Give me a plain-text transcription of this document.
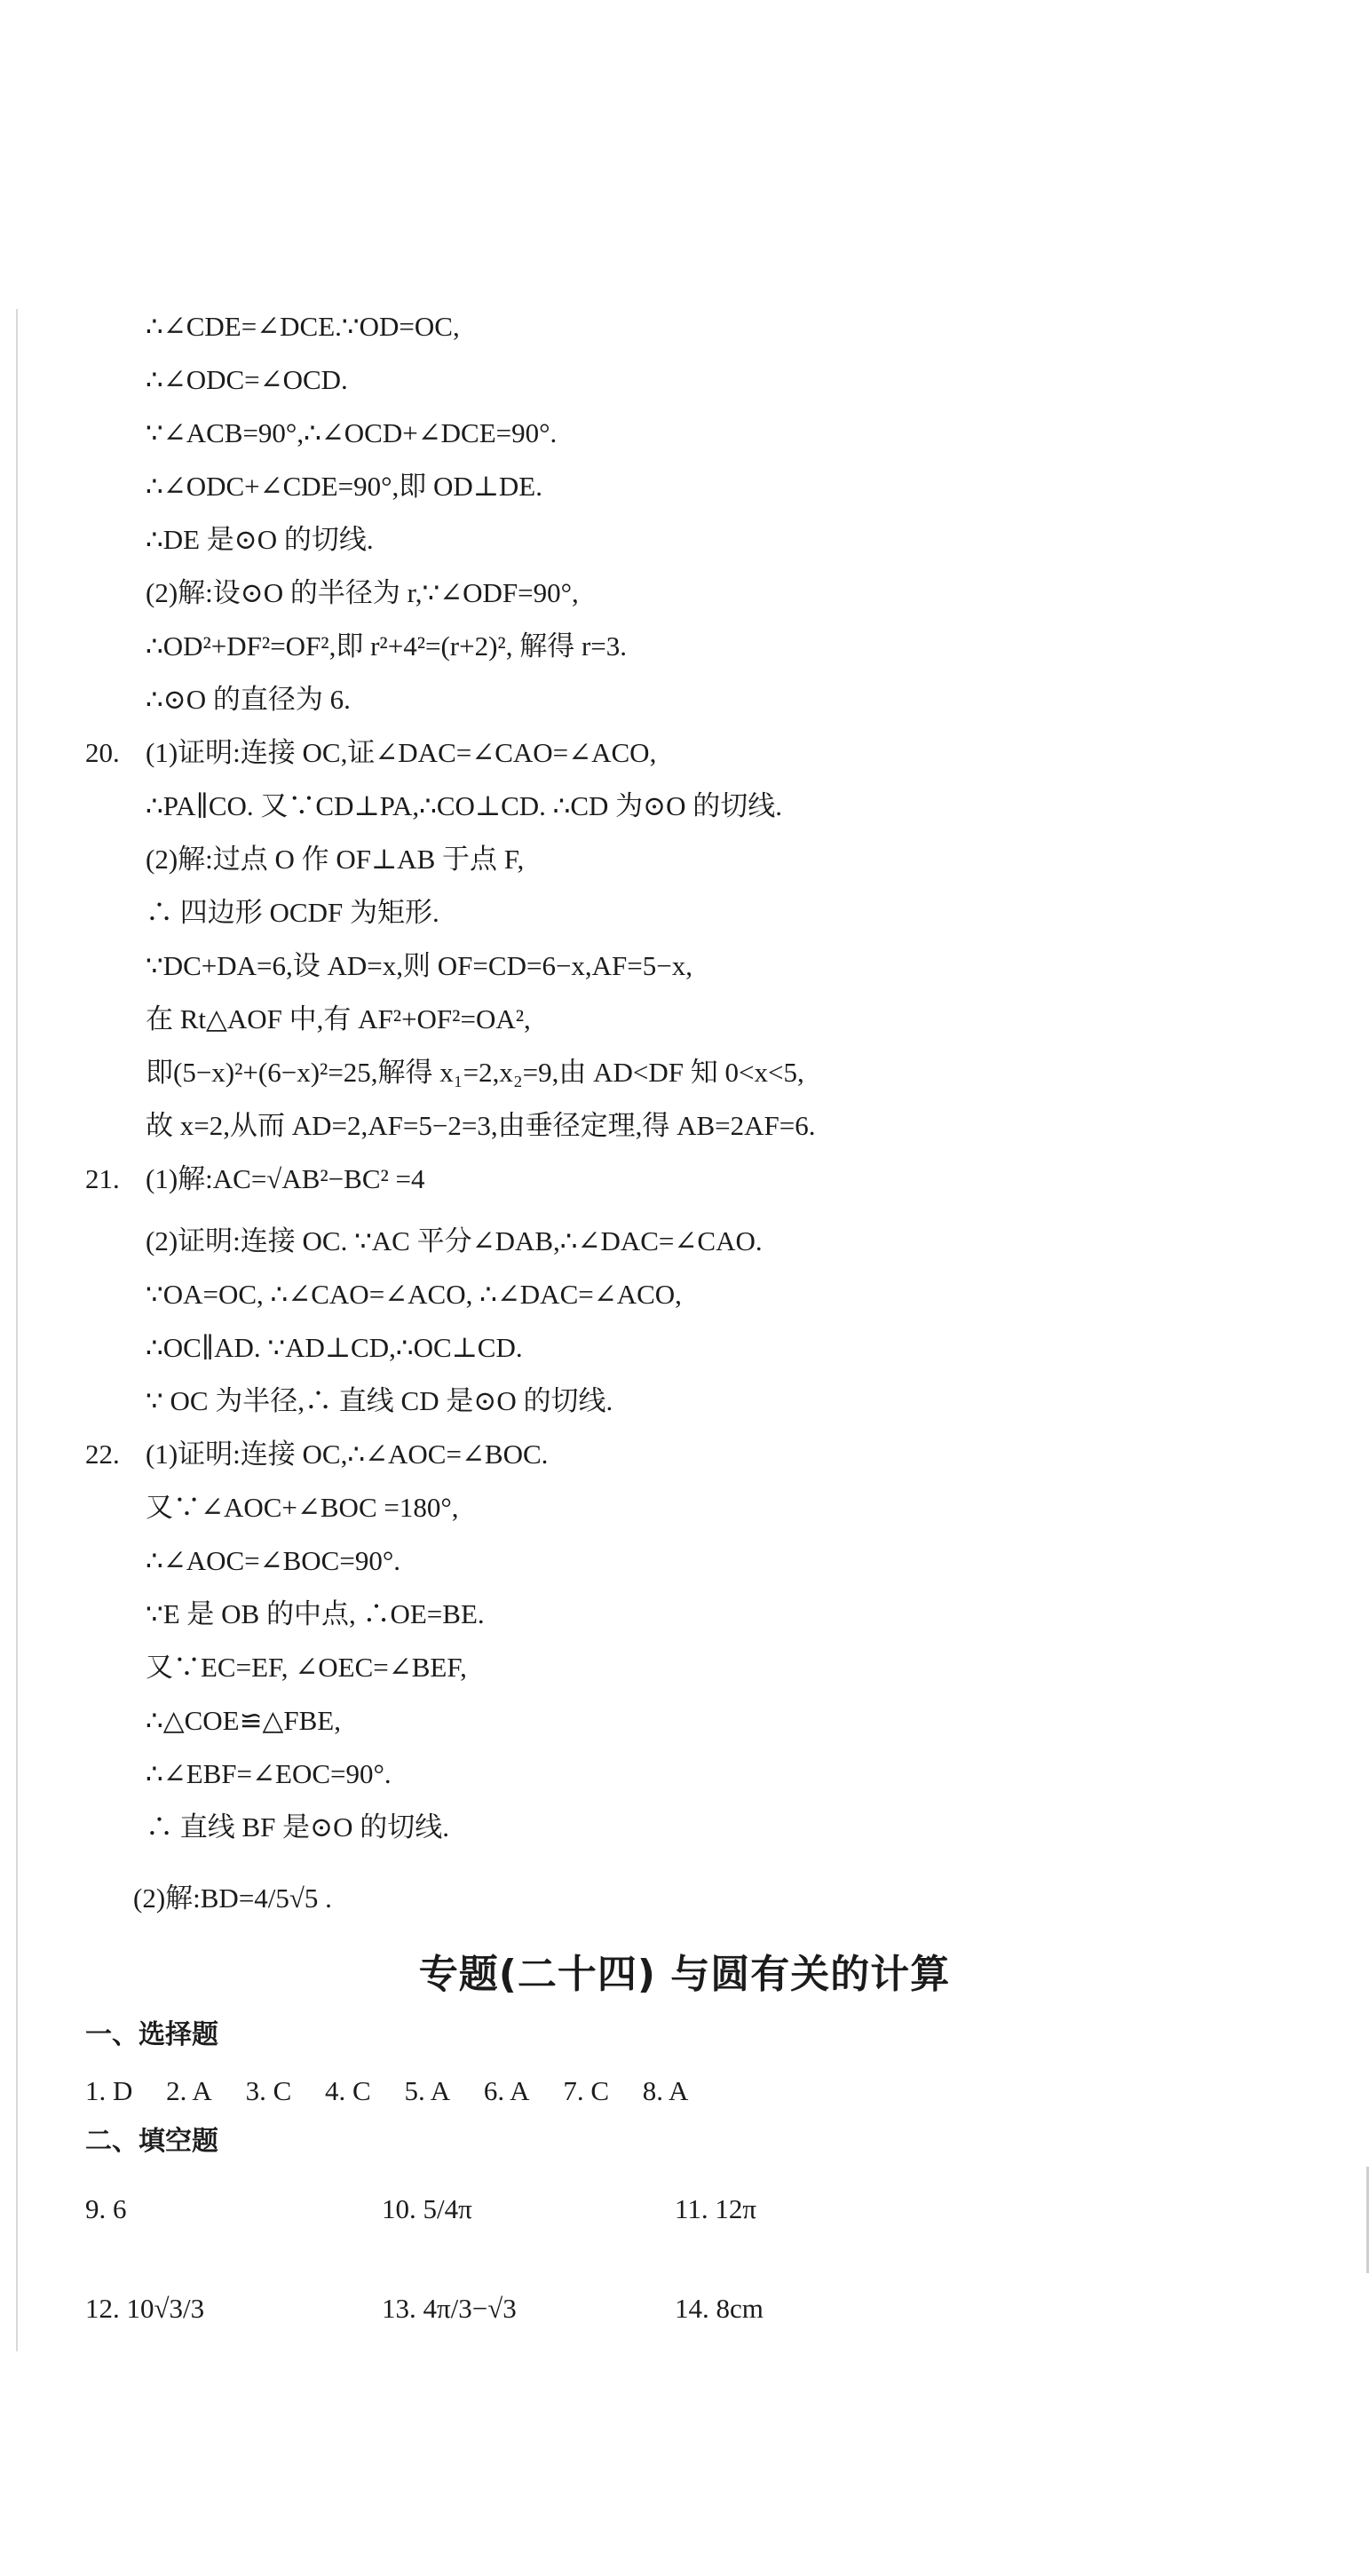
∴∠CDE=∠DCE.∵OD=OC,
∴∠ODC=∠OCD.
∵∠ACB=90°,∴∠OCD+∠DCE=90°.
∴∠ODC+∠CDE=90°,即 OD⊥DE.
∴DE 是⊙O 的切线.
(2)解:设⊙O 的半径为 r,∵∠ODF=90°,
∴OD²+DF²=OF²,即 r²+4²=(r+2)², 解得 r=3.
∴⊙O 的直径为 6.
20. (1)证明:连接 OC,证∠DAC=∠CAO=∠ACO,
∴PA∥CO. 又∵CD⊥PA,∴CO⊥CD. ∴CD 为⊙O 的切线.
(2)解:过点 O 作 OF⊥AB 于点 F,
∴ 四边形 OCDF 为矩形.
∵DC+DA=6,设 AD=x,则 OF=CD=6−x,AF=5−x,
在 Rt△AOF 中,有 AF²+OF²=OA²,
即(5−x)²+(6−x)²=25,解得 x₁=2,x₂=9,由 AD<DF 知 0<x<5,
故 x=2,从而 AD=2,AF=5−2=3,由垂径定理,得 AB=2AF=6.
21. (1)解:AC=√AB²−BC² =4
(2)证明:连接 OC. ∵AC 平分∠DAB,∴∠DAC=∠CAO.
∵OA=OC, ∴∠CAO=∠ACO, ∴∠DAC=∠ACO,
∴OC∥AD. ∵AD⊥CD,∴OC⊥CD.
∵ OC 为半径,∴ 直线 CD 是⊙O 的切线.
22. (1)证明:连接 OC,∴∠AOC=∠BOC.
又∵∠AOC+∠BOC =180°,
∴∠AOC=∠BOC=90°.
∵E 是 OB 的中点, ∴OE=BE.
又∵EC=EF, ∠OEC=∠BEF,
∴△COE≌△FBE,
∴∠EBF=∠EOC=90°.
∴ 直线 BF 是⊙O 的切线.
(2)解:BD=4/5√5 .
专题(二十四) 与圆有关的计算
一、选择题
1. D 2. A 3. C 4. C 5. A 6. A 7. C 8. A
二、填空题
9. 6	10. 5/4π	11. 12π
12. 10√3/3	13. 4π/3−√3	14. 8cm
